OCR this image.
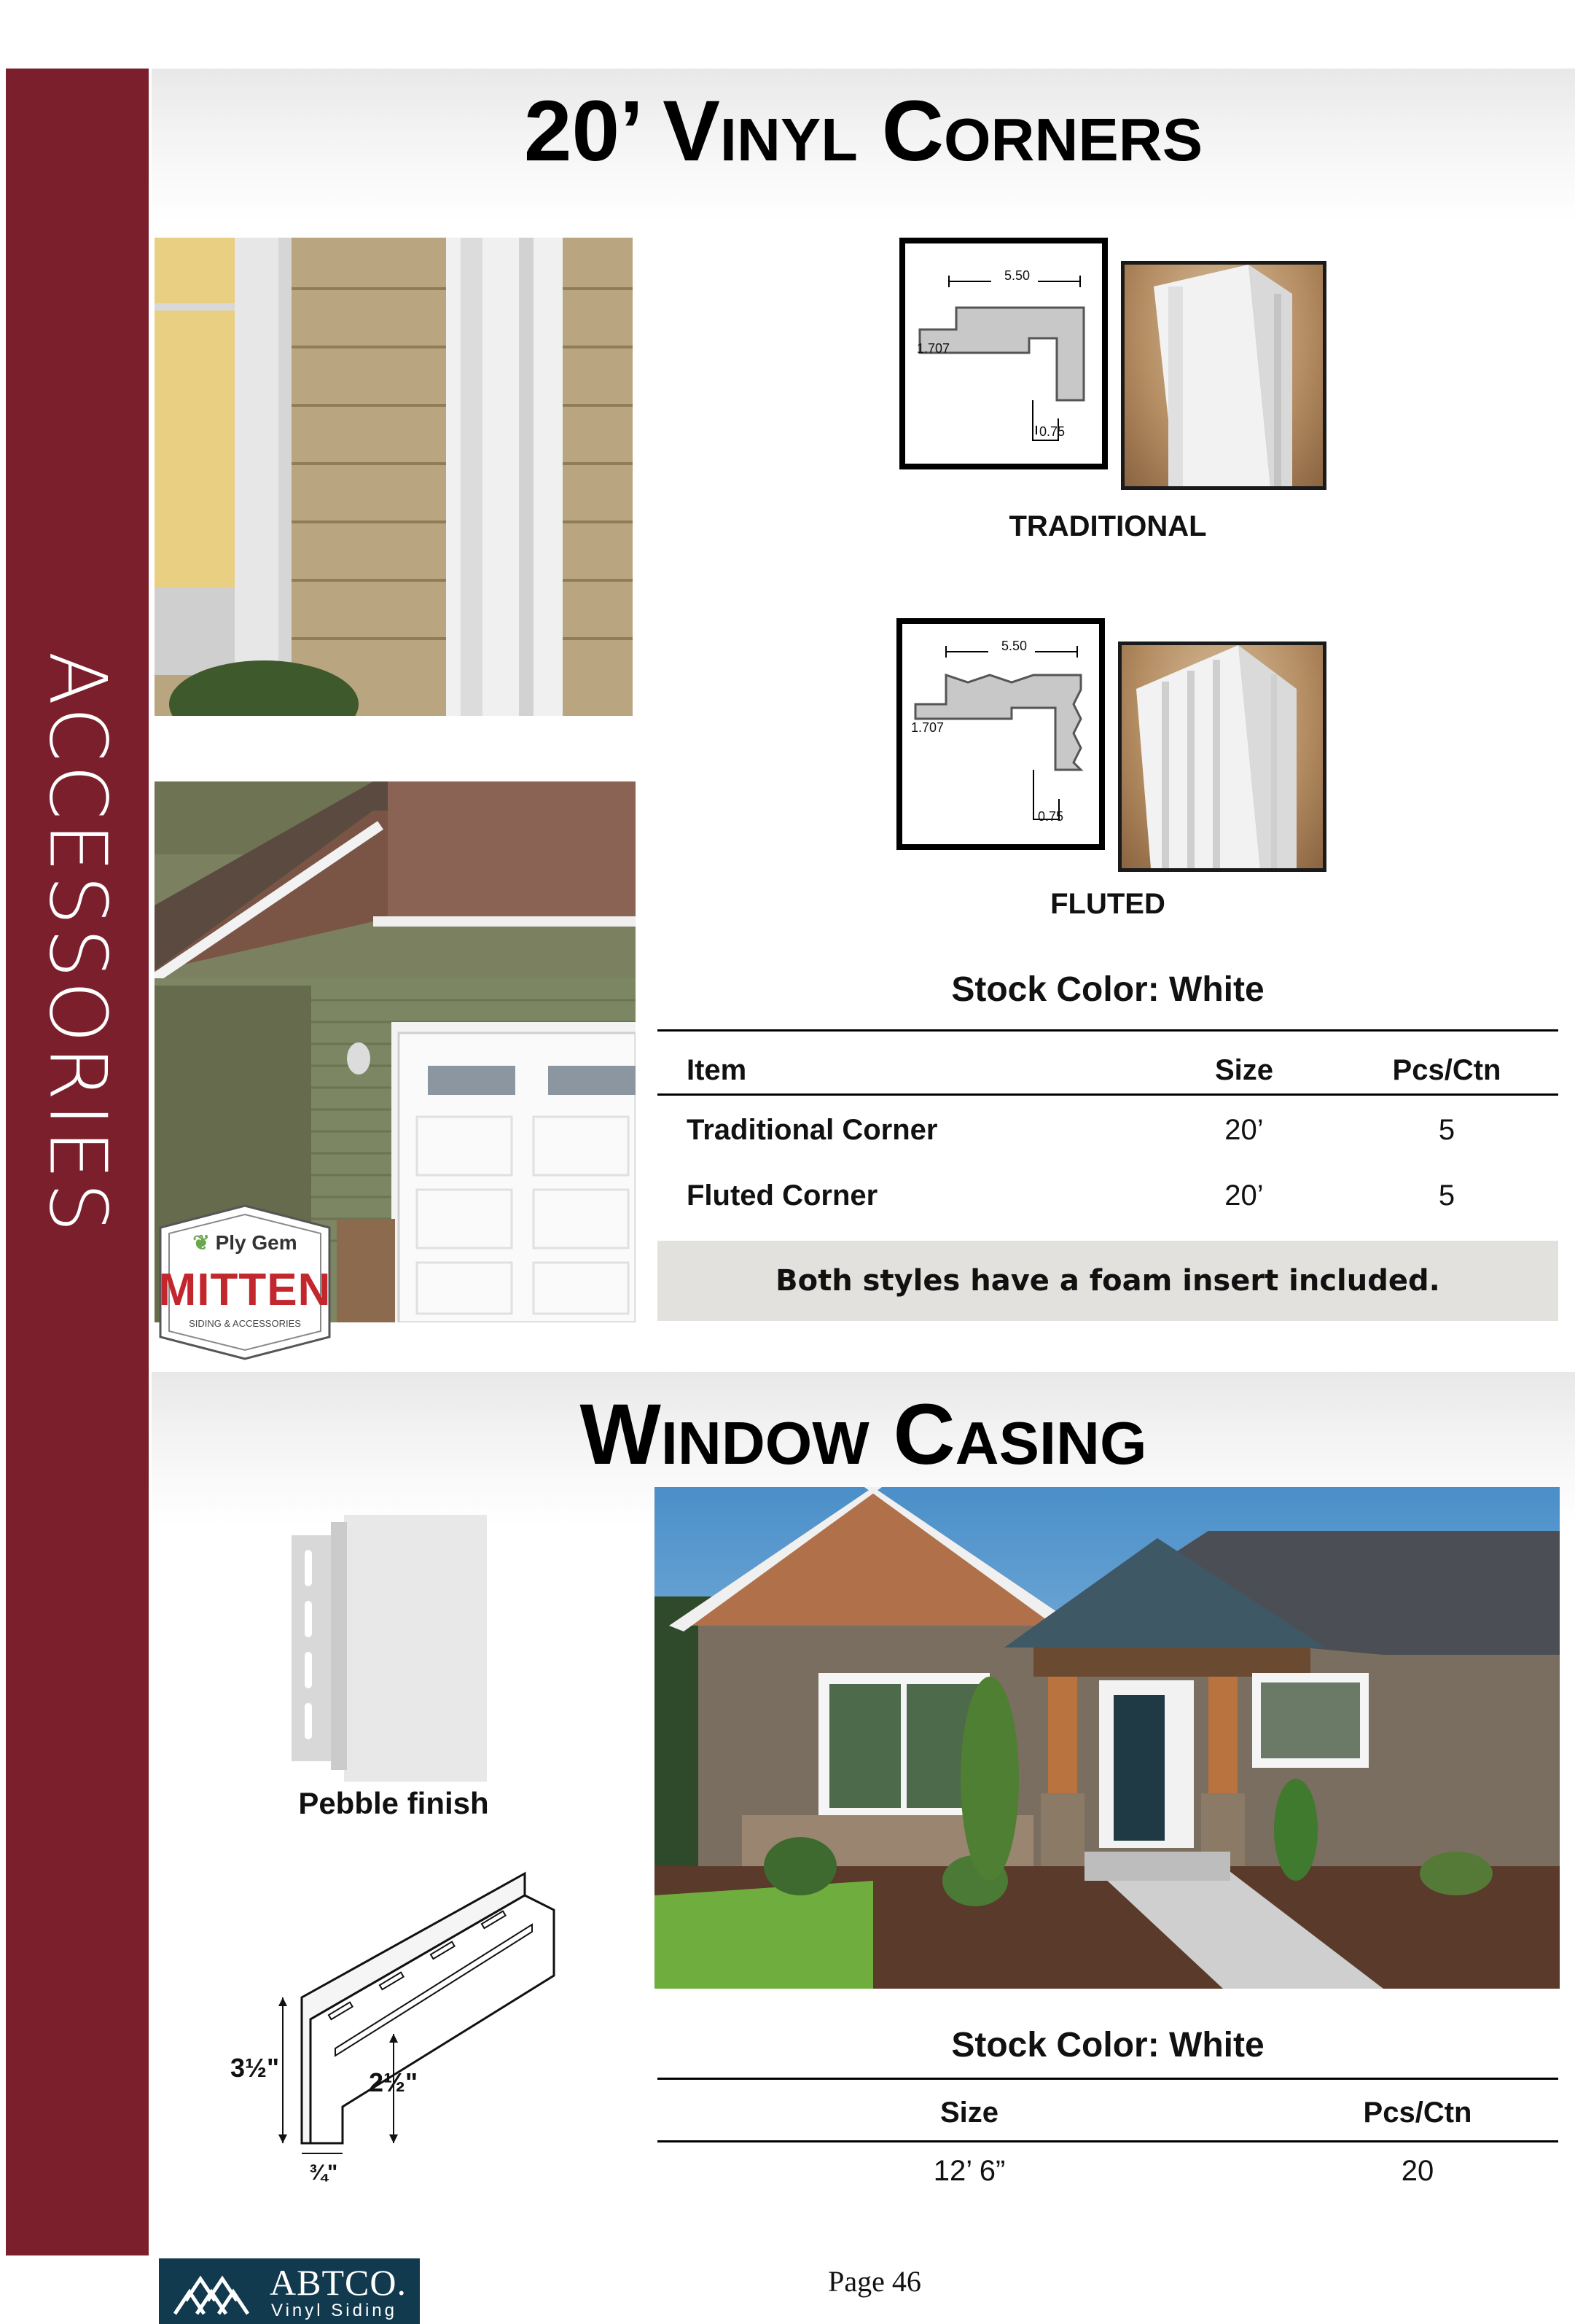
ACCESSORIES
20’ Vinyl Corners
❦ Ply Gem
MITTEN
SIDING & ACCESSORIES
5.50
1.707
0.75
TRADITIONAL
5.50
1.707
0.75
FLUTED
Stock Color: White
Item	Size	Pcs/Ctn
Traditional Corner	20’	5
Fluted Corner	20’	5
Both styles have a foam insert included.
Window Casing
Pebble finish
3½"	2½"
¾"
Stock Color: White
Size	Pcs/Ctn
12’ 6”	20
ABTCO.
Vinyl Siding
Page 46
